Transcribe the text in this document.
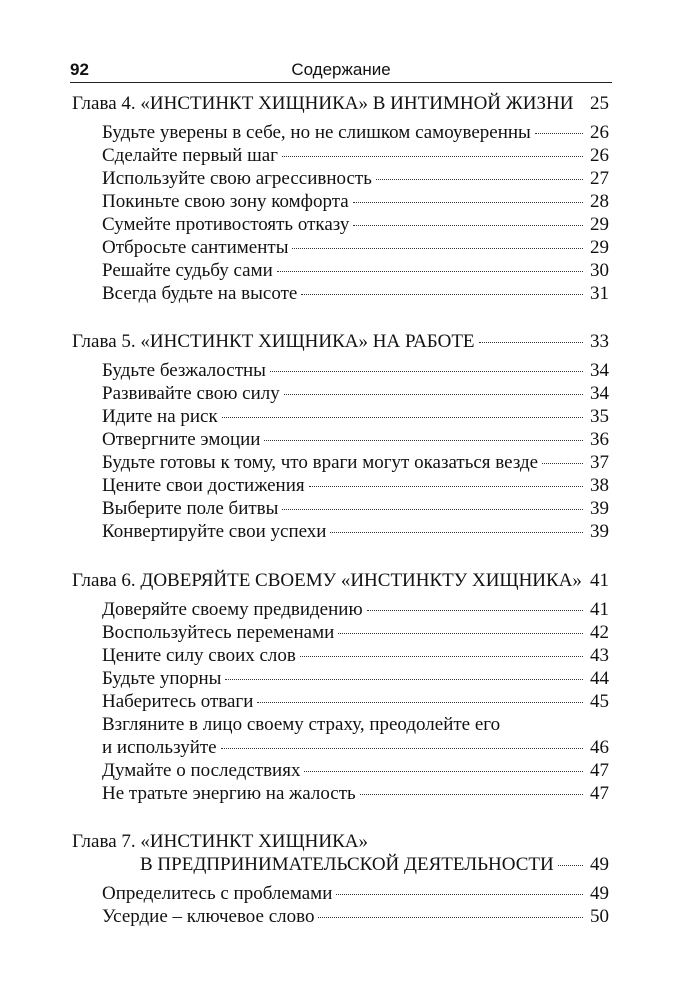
92	Содержание
Глава 4. «ИНСТИНКТ ХИЩНИКА» В ИНТИМНОЙ ЖИЗНИ 25
Будьте уверены в себе, но не слишком самоуверенны	26
Сделайте первый шаг	26
Используйте свою агрессивность	27
Покиньте свою зону комфорта	28
Сумейте противостоять отказу	29
Отбросьте сантименты	29
Решайте судьбу сами	30
Всегда будьте на высоте	31
Глава 5. «ИНСТИНКТ ХИЩНИКА» НА РАБОТЕ	33
Будьте безжалостны	34
Развивайте свою силу	34
Идите на риск	35
Отвергните эмоции	36
Будьте готовы к тому, что враги могут оказаться везде	37
Цените свои достижения	38
Выберите поле битвы	39
Конвертируйте свои успехи	39
Глава 6. ДОВЕРЯЙТЕ СВОЕМУ «ИНСТИНКТУ ХИЩНИКА» 41
Доверяйте своему предвидению	41
Воспользуйтесь переменами	42
Цените силу своих слов	43
Будьте упорны	44
Наберитесь отваги	45
Взгляните в лицо своему страху, преодолейте его
и используйте	46
Думайте о последствиях	47
Не тратьте энергию на жалость	47
Глава 7. «ИНСТИНКТ ХИЩНИКА»
В ПРЕДПРИНИМАТЕЛЬСКОЙ ДЕЯТЕЛЬНОСТИ 49
Определитесь с проблемами	49
Усердие – ключевое слово	50
